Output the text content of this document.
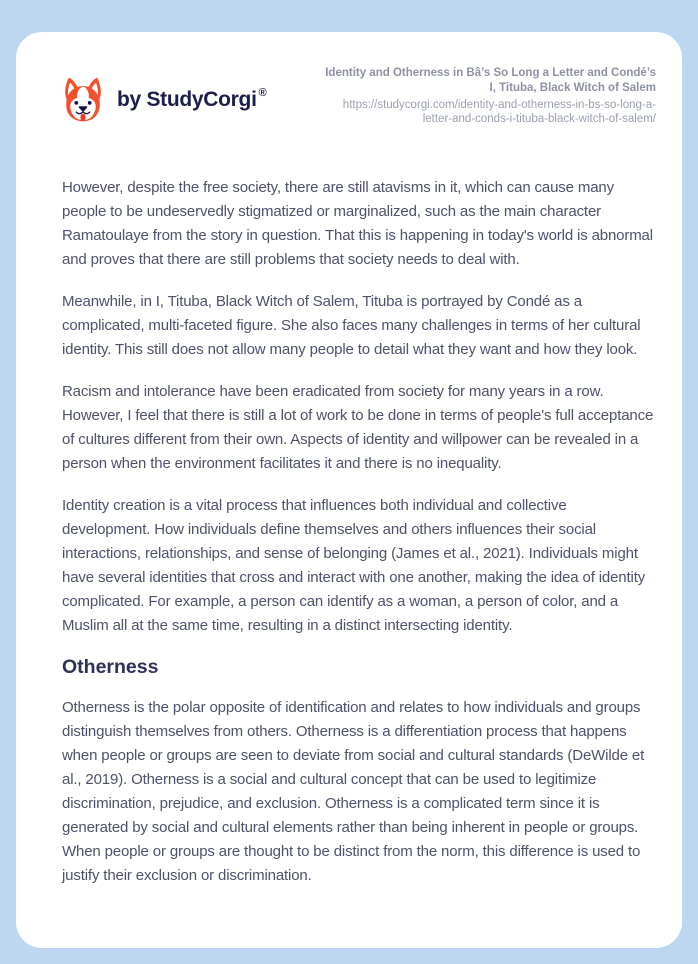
by StudyCorgi ®
Identity and Otherness in Bâ’s So Long a Letter and Condé’s I, Tituba, Black Witch of Salem
https://studycorgi.com/identity-and-otherness-in-bs-so-long-a-letter-and-conds-i-tituba-black-witch-of-salem/

However, despite the free society, there are still atavisms in it, which can cause many people to be undeservedly stigmatized or marginalized, such as the main character Ramatoulaye from the story in question. That this is happening in today's world is abnormal and proves that there are still problems that society needs to deal with.

Meanwhile, in I, Tituba, Black Witch of Salem, Tituba is portrayed by Condé as a complicated, multi-faceted figure. She also faces many challenges in terms of her cultural identity. This still does not allow many people to detail what they want and how they look.

Racism and intolerance have been eradicated from society for many years in a row. However, I feel that there is still a lot of work to be done in terms of people's full acceptance of cultures different from their own. Aspects of identity and willpower can be revealed in a person when the environment facilitates it and there is no inequality.

Identity creation is a vital process that influences both individual and collective development. How individuals define themselves and others influences their social interactions, relationships, and sense of belonging (James et al., 2021). Individuals might have several identities that cross and interact with one another, making the idea of identity complicated. For example, a person can identify as a woman, a person of color, and a Muslim all at the same time, resulting in a distinct intersecting identity.

Otherness

Otherness is the polar opposite of identification and relates to how individuals and groups distinguish themselves from others. Otherness is a differentiation process that happens when people or groups are seen to deviate from social and cultural standards (DeWilde et al., 2019). Otherness is a social and cultural concept that can be used to legitimize discrimination, prejudice, and exclusion. Otherness is a complicated term since it is generated by social and cultural elements rather than being inherent in people or groups. When people or groups are thought to be distinct from the norm, this difference is used to justify their exclusion or discrimination.
